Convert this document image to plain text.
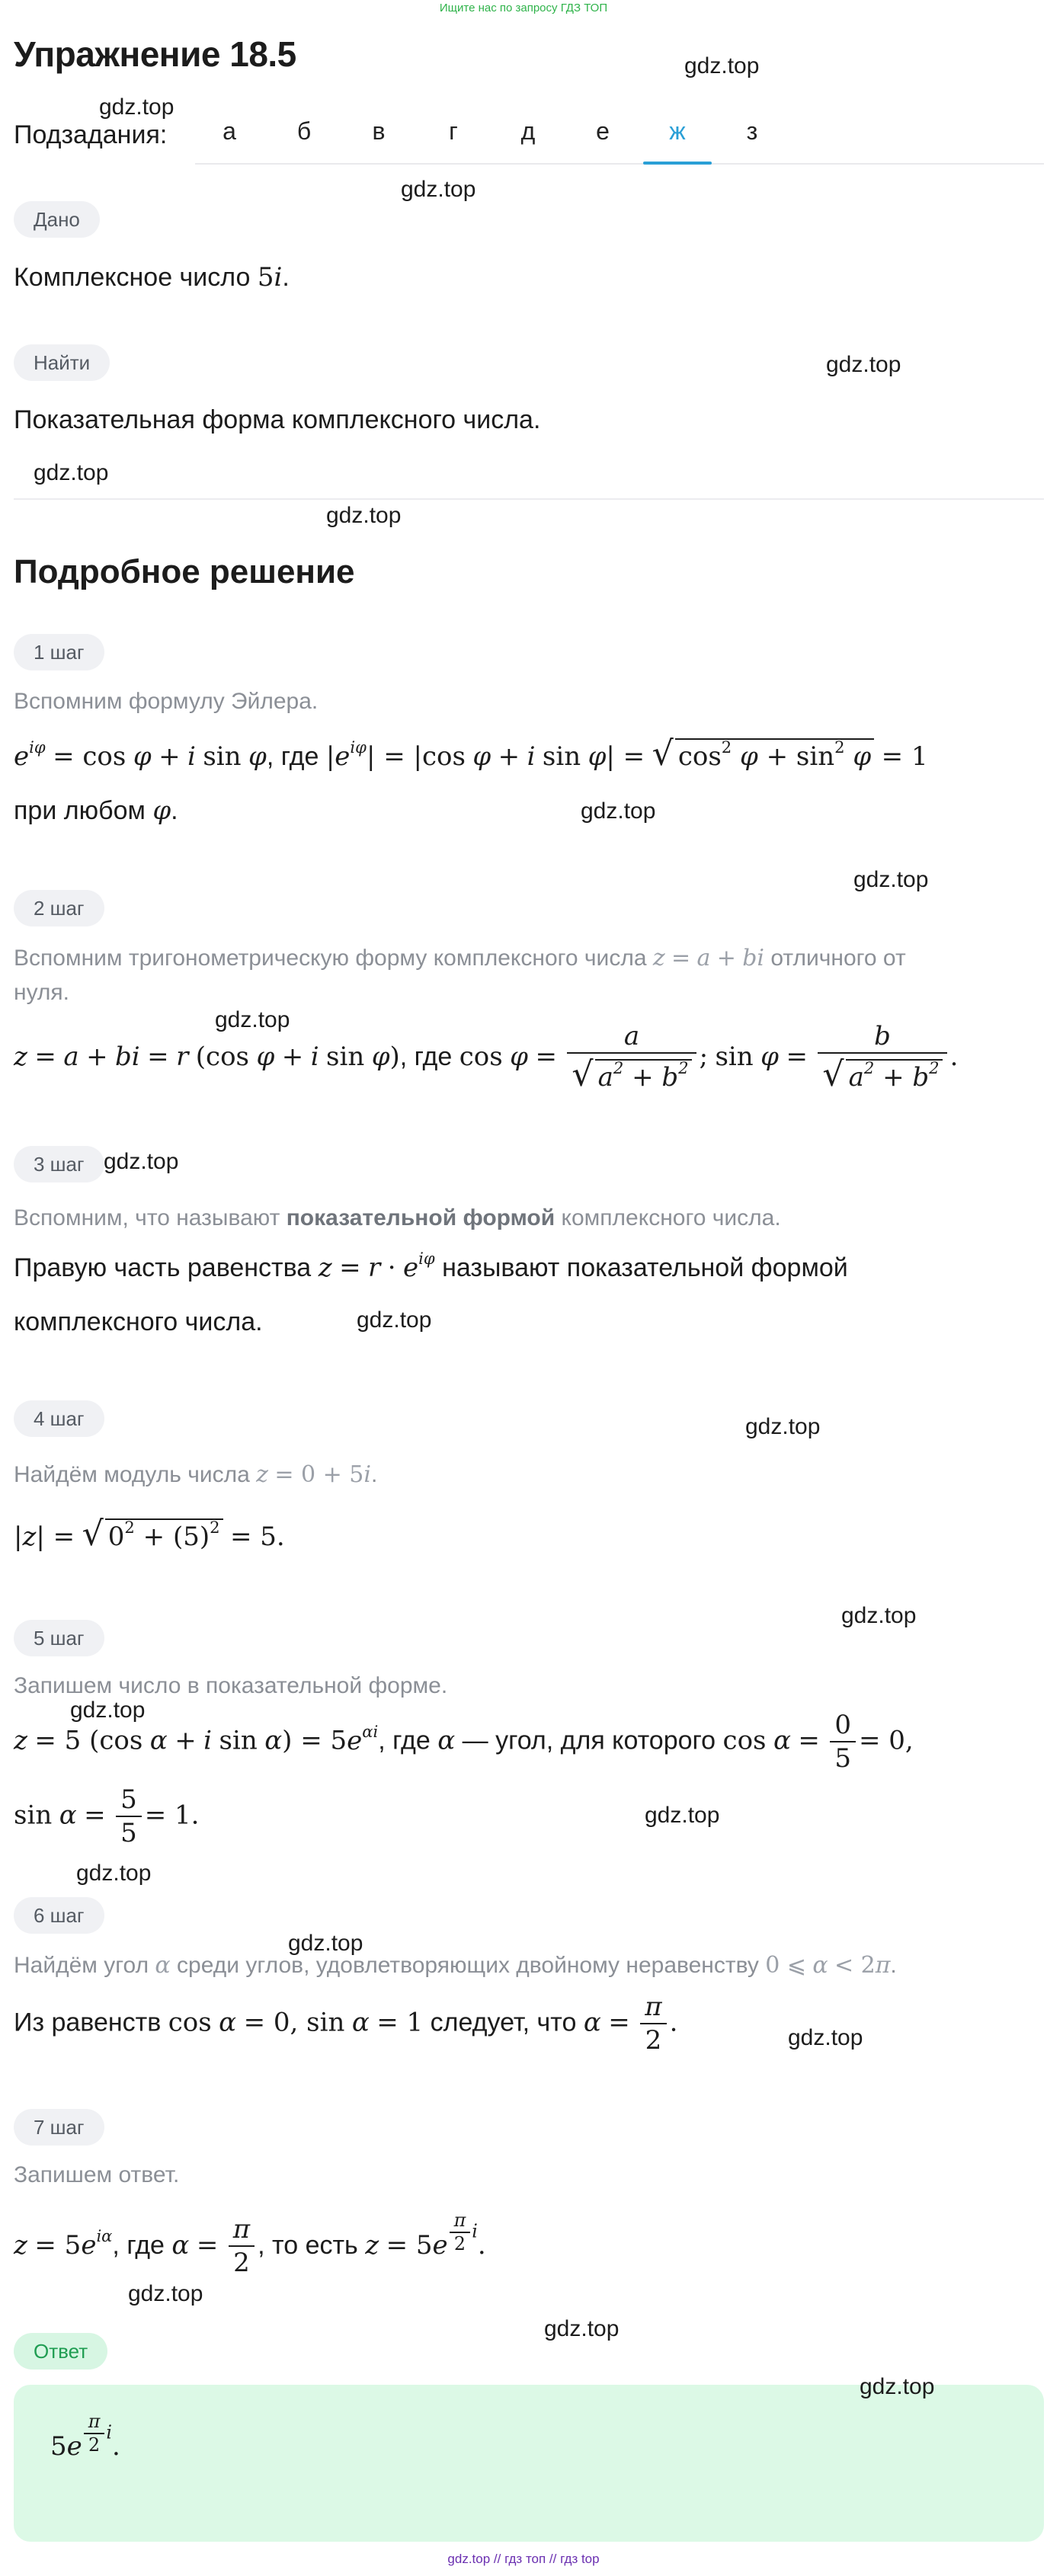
Ищите нас по запросу ГДЗ ТОП
Упражнение 18.5
Подзадания:	а	б	в	г	д	е	ж	з
Дано
Комплексное число 5i.
Найти
Показательная форма комплексного числа.
Подробное решение
1 шаг
Вспомним формулу Эйлера.
$e^{i\varphi} = \cos \varphi + i$ sin φ, где $|e^{i\varphi}| = |\cos$ φ + i sin φ| = √ $\cos^2 \varphi + \sin^2 \varphi = 1$
при любом φ.
2 шаг
Вспомним тригонометрическую форму комплексного числа z = a + bi отличного от
нуля.
z = a + bi = r (cos φ + i sin φ), где $\cos \varphi = \frac{a}{√ a^2 + b^2}$ ; $\sin \varphi = \frac{b}{√ a^2 + b^2}$ .
3 шаг
Вспомним, что называют показательной формой комплексного числа.
Правую часть равенства $z = r \cdot e^{i\varphi}$ называют показательной формой
комплексного числа.
4 шаг
Найдём модуль числа z = 0 + 5i.
|z| = √ $0^2 + (5)^2 = 5$.
5 шаг
Запишем число в показательной форме.
z = 5 (cos α + i $\sin \alpha) = 5e^{\alpha i}$, где α — угол, для которого $\cos \alpha = \frac{0}{5} = 0$,
$\sin \alpha = \frac{5}{5} = 1$.
6 шаг
Найдём угол α среди углов, удовлетворяющих двойному неравенству 0 ⩽ α < 2π.
Из равенств cos α = 0, sin α = 1 следует, что $\alpha = \frac{\pi}{2}$ .
7 шаг
Запишем ответ.
$z = 5e^{i\alpha}$, где $\alpha = \frac{\pi}{2}$ , то есть $z = 5e \frac{\pi}{2} i$.
Ответ
$5e \frac{\pi}{2} i$.
gdz.top
gdz.top
gdz.top
gdz.top
gdz.top
gdz.top
gdz.top
gdz.top
gdz.top
gdz.top
gdz.top
gdz.top
gdz.top
gdz.top
gdz.top
gdz.top
gdz.top
gdz.top
gdz.top
gdz.top
gdz.top
gdz.top // гдз топ // гдз top
